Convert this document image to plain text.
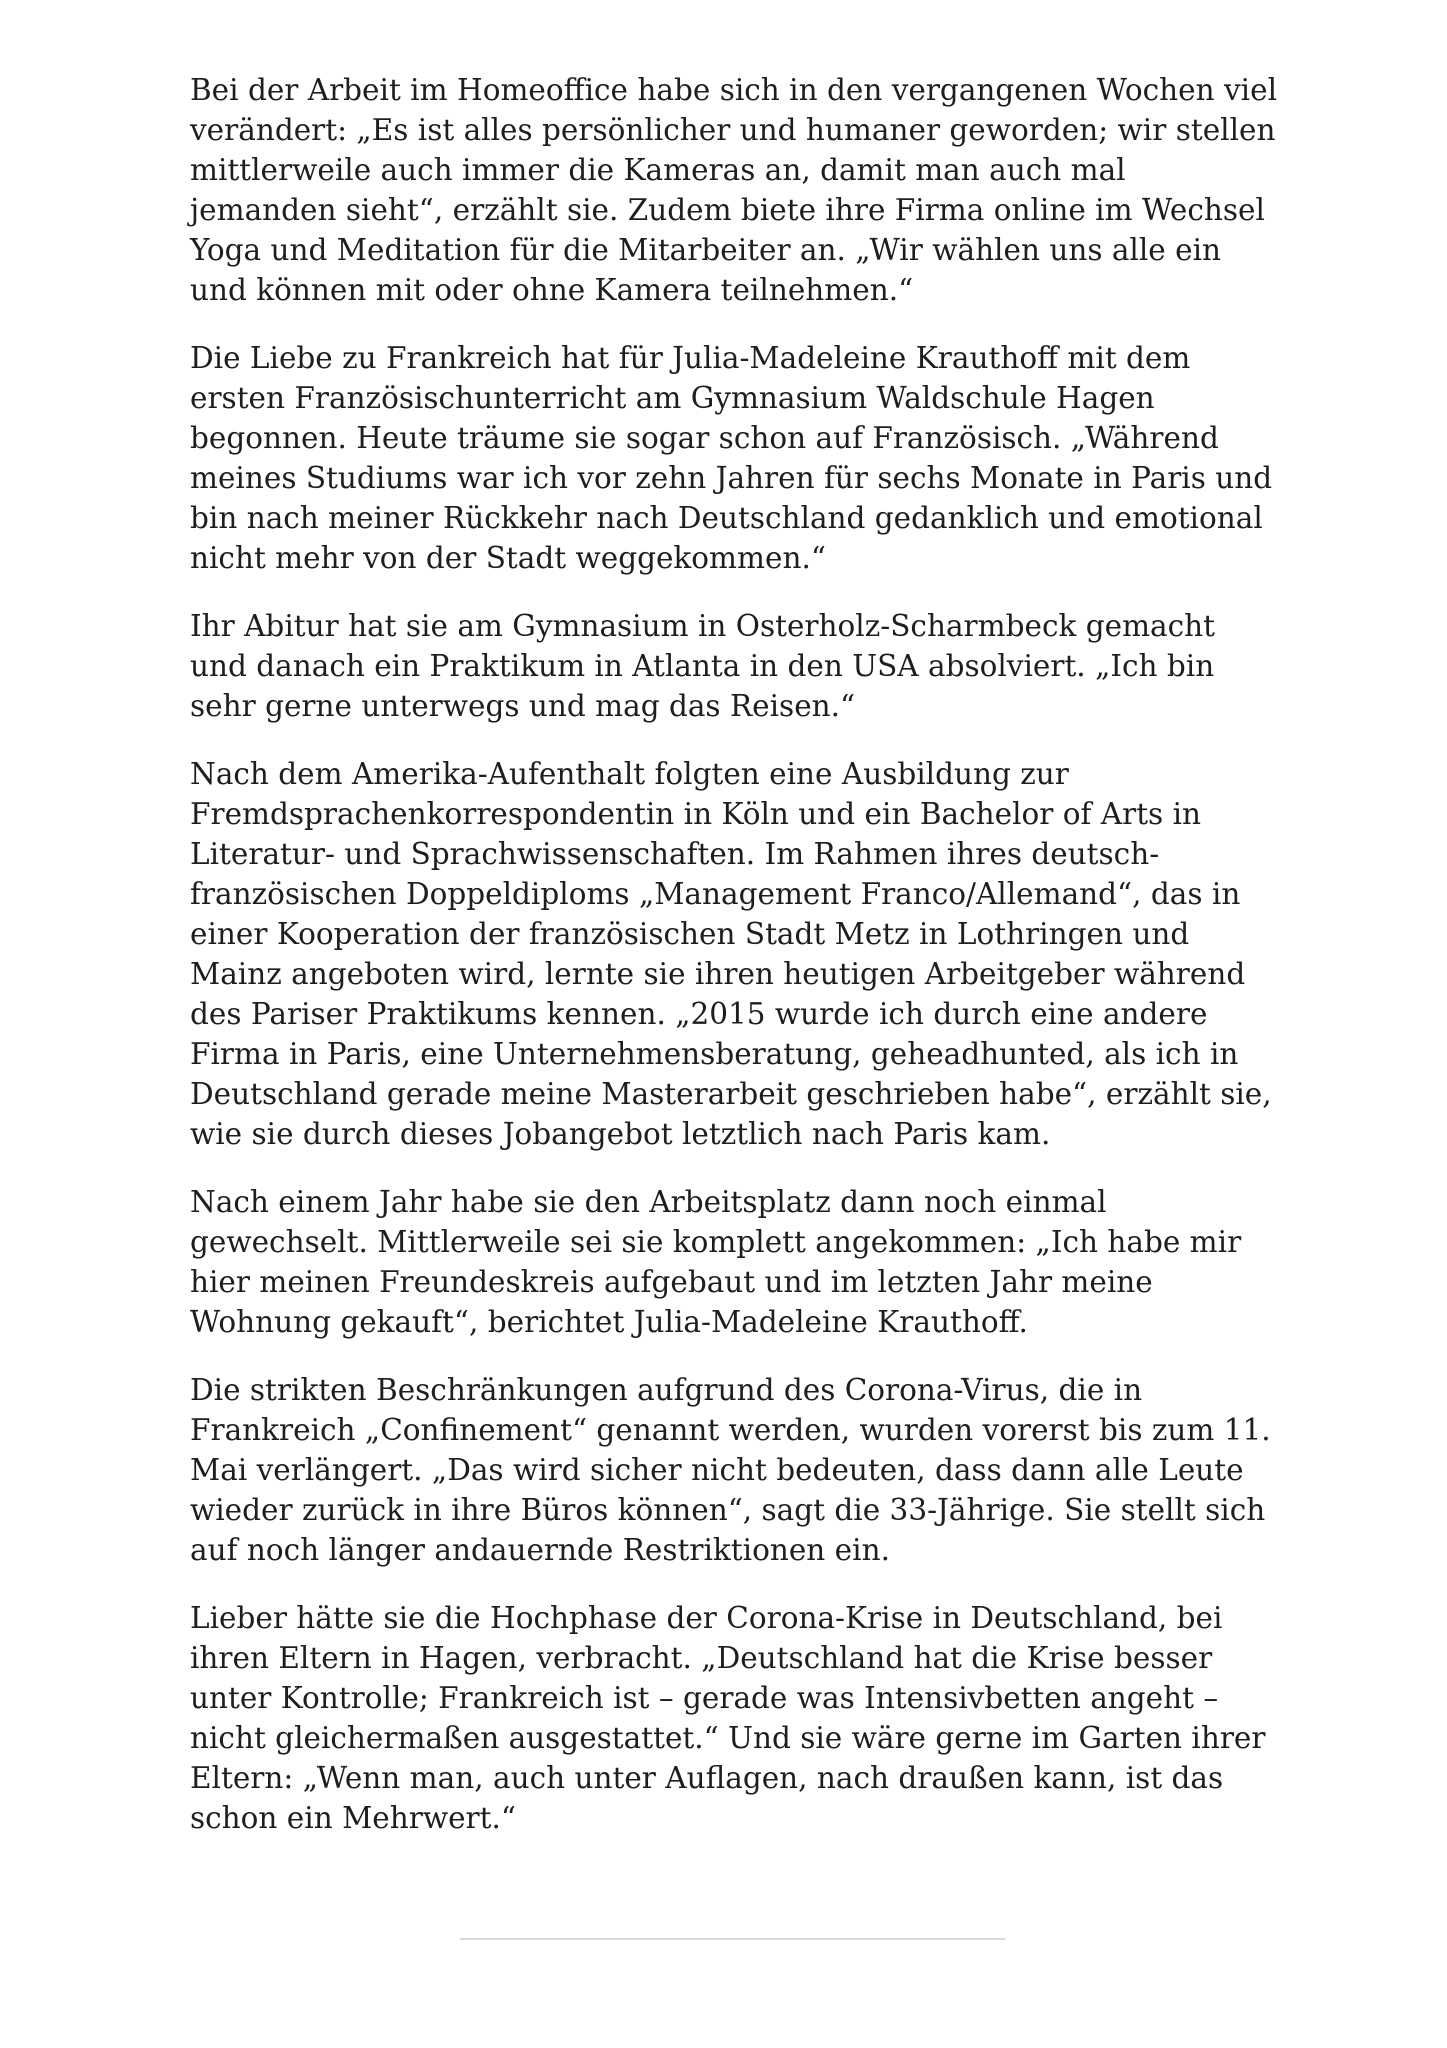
Bei der Arbeit im Homeoffice habe sich in den vergangenen Wochen viel verändert: „Es ist alles persönlicher und humaner geworden; wir stellen mittlerweile auch immer die Kameras an, damit man auch mal jemanden sieht“, erzählt sie. Zudem biete ihre Firma online im Wechsel Yoga und Meditation für die Mitarbeiter an. „Wir wählen uns alle ein und können mit oder ohne Kamera teilnehmen.“

Die Liebe zu Frankreich hat für Julia-Madeleine Krauthoff mit dem ersten Französischunterricht am Gymnasium Waldschule Hagen begonnen. Heute träume sie sogar schon auf Französisch. „Während meines Studiums war ich vor zehn Jahren für sechs Monate in Paris und bin nach meiner Rückkehr nach Deutschland gedanklich und emotional nicht mehr von der Stadt weggekommen.“

Ihr Abitur hat sie am Gymnasium in Osterholz-Scharmbeck gemacht und danach ein Praktikum in Atlanta in den USA absolviert. „Ich bin sehr gerne unterwegs und mag das Reisen.“

Nach dem Amerika-Aufenthalt folgten eine Ausbildung zur Fremdsprachenkorrespondentin in Köln und ein Bachelor of Arts in Literatur- und Sprachwissenschaften. Im Rahmen ihres deutsch-französischen Doppeldiploms „Management Franco/Allemand“, das in einer Kooperation der französischen Stadt Metz in Lothringen und Mainz angeboten wird, lernte sie ihren heutigen Arbeitgeber während des Pariser Praktikums kennen. „2015 wurde ich durch eine andere Firma in Paris, eine Unternehmensberatung, geheadhunted, als ich in Deutschland gerade meine Masterarbeit geschrieben habe“, erzählt sie, wie sie durch dieses Jobangebot letztlich nach Paris kam.

Nach einem Jahr habe sie den Arbeitsplatz dann noch einmal gewechselt. Mittlerweile sei sie komplett angekommen: „Ich habe mir hier meinen Freundeskreis aufgebaut und im letzten Jahr meine Wohnung gekauft“, berichtet Julia-Madeleine Krauthoff.

Die strikten Beschränkungen aufgrund des Corona-Virus, die in Frankreich „Confinement“ genannt werden, wurden vorerst bis zum 11. Mai verlängert. „Das wird sicher nicht bedeuten, dass dann alle Leute wieder zurück in ihre Büros können“, sagt die 33-Jährige. Sie stellt sich auf noch länger andauernde Restriktionen ein.

Lieber hätte sie die Hochphase der Corona-Krise in Deutschland, bei ihren Eltern in Hagen, verbracht. „Deutschland hat die Krise besser unter Kontrolle; Frankreich ist – gerade was Intensivbetten angeht – nicht gleichermaßen ausgestattet.“ Und sie wäre gerne im Garten ihrer Eltern: „Wenn man, auch unter Auflagen, nach draußen kann, ist das schon ein Mehrwert.“
